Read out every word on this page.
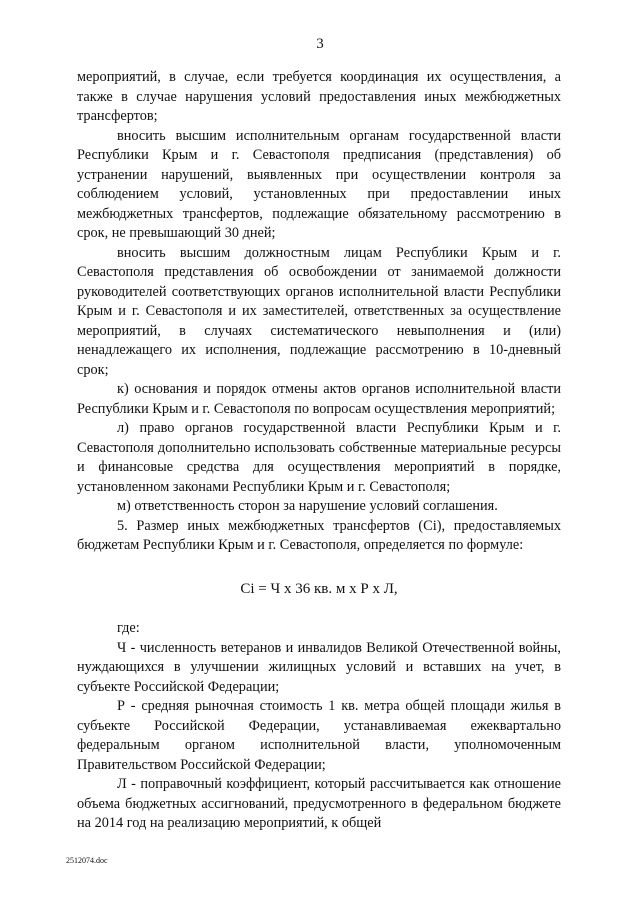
3

мероприятий, в случае, если требуется координация их осуществления, а также в случае нарушения условий предоставления иных межбюджетных трансфертов;

вносить высшим исполнительным органам государственной власти Республики Крым и г. Севастополя предписания (представления) об устранении нарушений, выявленных при осуществлении контроля за соблюдением условий, установленных при предоставлении иных межбюджетных трансфертов, подлежащие обязательному рассмотрению в срок, не превышающий 30 дней;

вносить высшим должностным лицам Республики Крым и г. Севастополя представления об освобождении от занимаемой должности руководителей соответствующих органов исполнительной власти Республики Крым и г. Севастополя и их заместителей, ответственных за осуществление мероприятий, в случаях систематического невыполнения и (или) ненадлежащего их исполнения, подлежащие рассмотрению в 10-дневный срок;

к) основания и порядок отмены актов органов исполнительной власти Республики Крым и г. Севастополя по вопросам осуществления мероприятий;

л) право органов государственной власти Республики Крым и г. Севастополя дополнительно использовать собственные материальные ресурсы и финансовые средства для осуществления мероприятий в порядке, установленном законами Республики Крым и г. Севастополя;

м) ответственность сторон за нарушение условий соглашения.

5. Размер иных межбюджетных трансфертов (Сi), предоставляемых бюджетам Республики Крым и г. Севастополя, определяется по формуле:

Сi = Ч x 36 кв. м x Р x Л,

где:

Ч - численность ветеранов и инвалидов Великой Отечественной войны, нуждающихся в улучшении жилищных условий и вставших на учет, в субъекте Российской Федерации;

Р - средняя рыночная стоимость 1 кв. метра общей площади жилья в субъекте Российской Федерации, устанавливаемая ежеквартально федеральным органом исполнительной власти, уполномоченным Правительством Российской Федерации;

Л - поправочный коэффициент, который рассчитывается как отношение объема бюджетных ассигнований, предусмотренного в федеральном бюджете на 2014 год на реализацию мероприятий, к общей

2512074.doc
